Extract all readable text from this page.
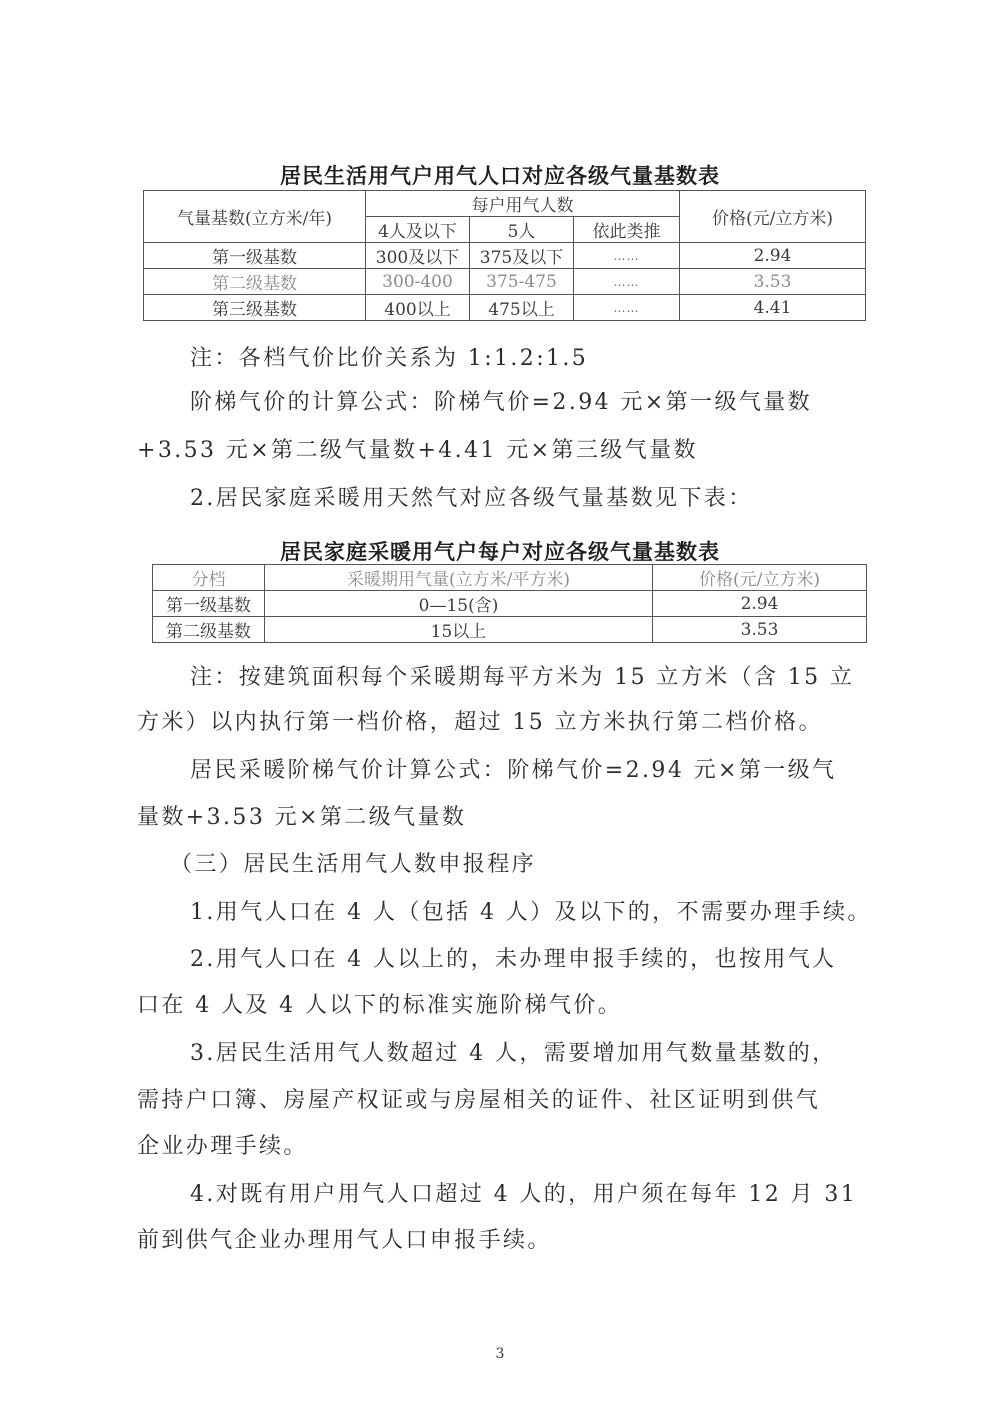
居民生活用气户用气人口对应各级气量基数表
气量基数(立方米/年)	每户用气人数			价格(元/立方米)
	4人及以下	5人	依此类推	
第一级基数	300及以下	375及以下	……	2.94
第二级基数	300-400	375-475	……	3.53
第三级基数	400以上	475以上	……	4.41
注：各档气价比价关系为 1:1.2:1.5
阶梯气价的计算公式：阶梯气价=2.94 元×第一级气量数
+3.53 元×第二级气量数+4.41 元×第三级气量数
2.居民家庭采暖用天然气对应各级气量基数见下表：
居民家庭采暖用气户每户对应各级气量基数表
分档	采暖期用气量(立方米/平方米)	价格(元/立方米)
第一级基数	0—15(含)	2.94
第二级基数	15以上	3.53
注：按建筑面积每个采暖期每平方米为 15 立方米（含 15 立
方米）以内执行第一档价格，超过 15 立方米执行第二档价格。
居民采暖阶梯气价计算公式：阶梯气价=2.94 元×第一级气
量数+3.53 元×第二级气量数
（三）居民生活用气人数申报程序
1.用气人口在 4 人（包括 4 人）及以下的，不需要办理手续。
2.用气人口在 4 人以上的，未办理申报手续的，也按用气人
口在 4 人及 4 人以下的标准实施阶梯气价。
3.居民生活用气人数超过 4 人，需要增加用气数量基数的，
需持户口簿、房屋产权证或与房屋相关的证件、社区证明到供气
企业办理手续。
4.对既有用户用气人口超过 4 人的，用户须在每年 12 月 31
前到供气企业办理用气人口申报手续。
3
